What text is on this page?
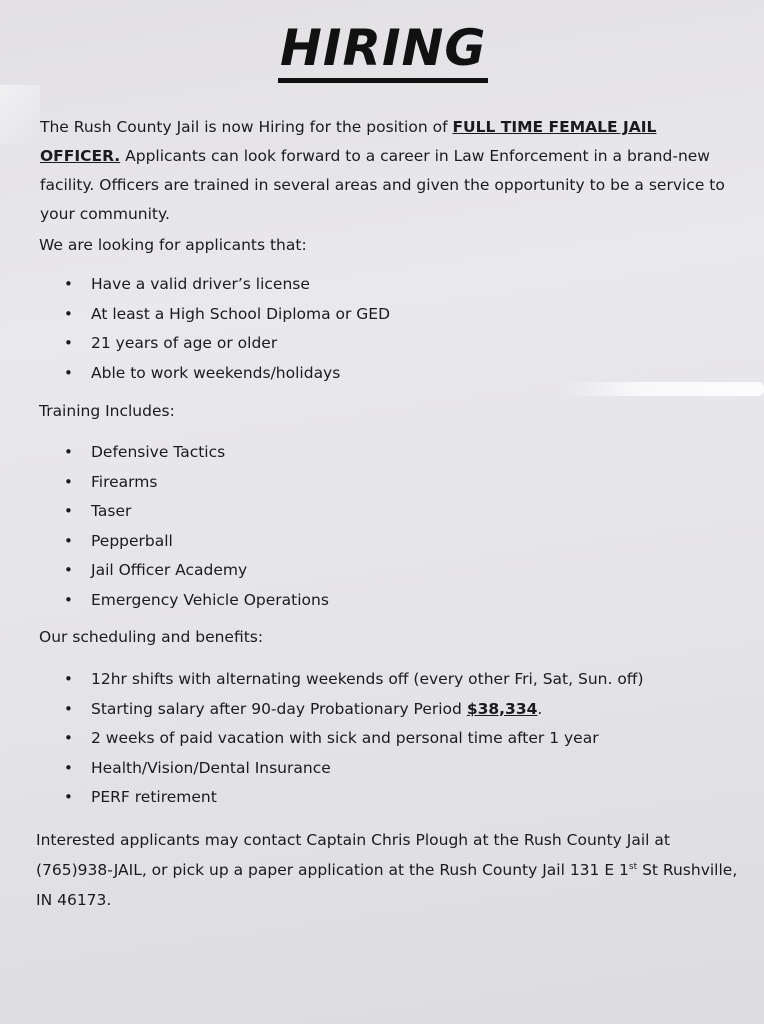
HIRING

The Rush County Jail is now Hiring for the position of FULL TIME FEMALE JAIL OFFICER. Applicants can look forward to a career in Law Enforcement in a brand-new facility. Officers are trained in several areas and given the opportunity to be a service to your community.

We are looking for applicants that:

• Have a valid driver’s license
• At least a High School Diploma or GED
• 21 years of age or older
• Able to work weekends/holidays

Training Includes:

• Defensive Tactics
• Firearms
• Taser
• Pepperball
• Jail Officer Academy
• Emergency Vehicle Operations

Our scheduling and benefits:

• 12hr shifts with alternating weekends off (every other Fri, Sat, Sun. off)
• Starting salary after 90-day Probationary Period $38,334.
• 2 weeks of paid vacation with sick and personal time after 1 year
• Health/Vision/Dental Insurance
• PERF retirement

Interested applicants may contact Captain Chris Plough at the Rush County Jail at (765)938-JAIL, or pick up a paper application at the Rush County Jail 131 E 1st St Rushville, IN 46173.
